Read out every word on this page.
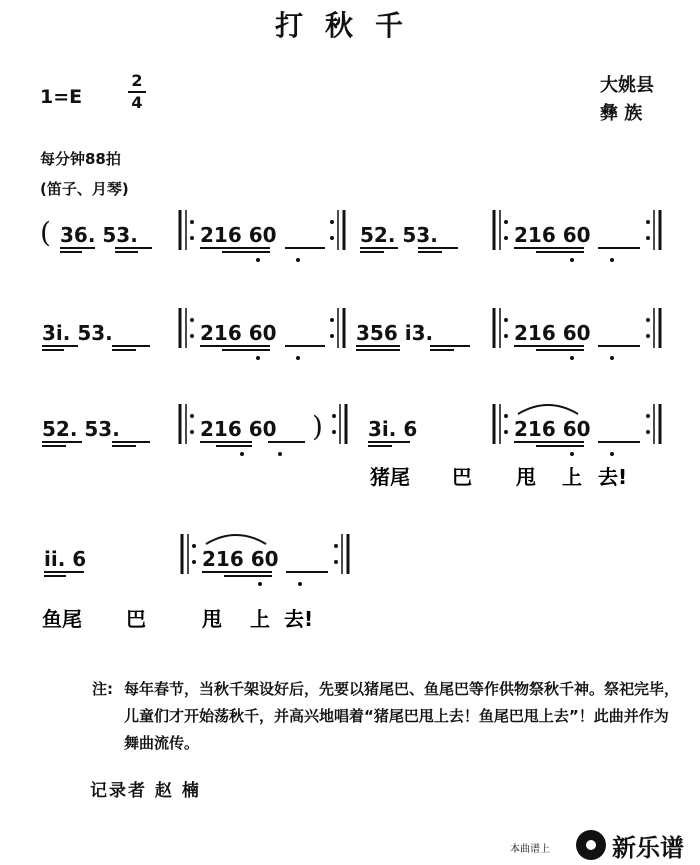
打秋千
1=E
2
4
大姚县
彝 族
每分钟88拍
(笛子、月琴)
( 36. 53.	216 60	52. 53.	216 60
3i. 53.	216 60	356 i3.	216 60
52. 53.	216 60 ) 3i. 6	216 60
ii. 6	216 60
猪尾 巴 甩 上 去!
鱼尾 巴	甩 上 去!
注: 每年春节，当秋千架设好后，先要以猪尾巴、鱼尾巴等作供物祭秋千神。祭祀完毕，儿童们才开始荡秋千，并高兴地唱着“猪尾巴甩上去！鱼尾巴甩上去”！此曲并作为舞曲流传。
记录者 赵 楠
本曲谱上	新乐谱
